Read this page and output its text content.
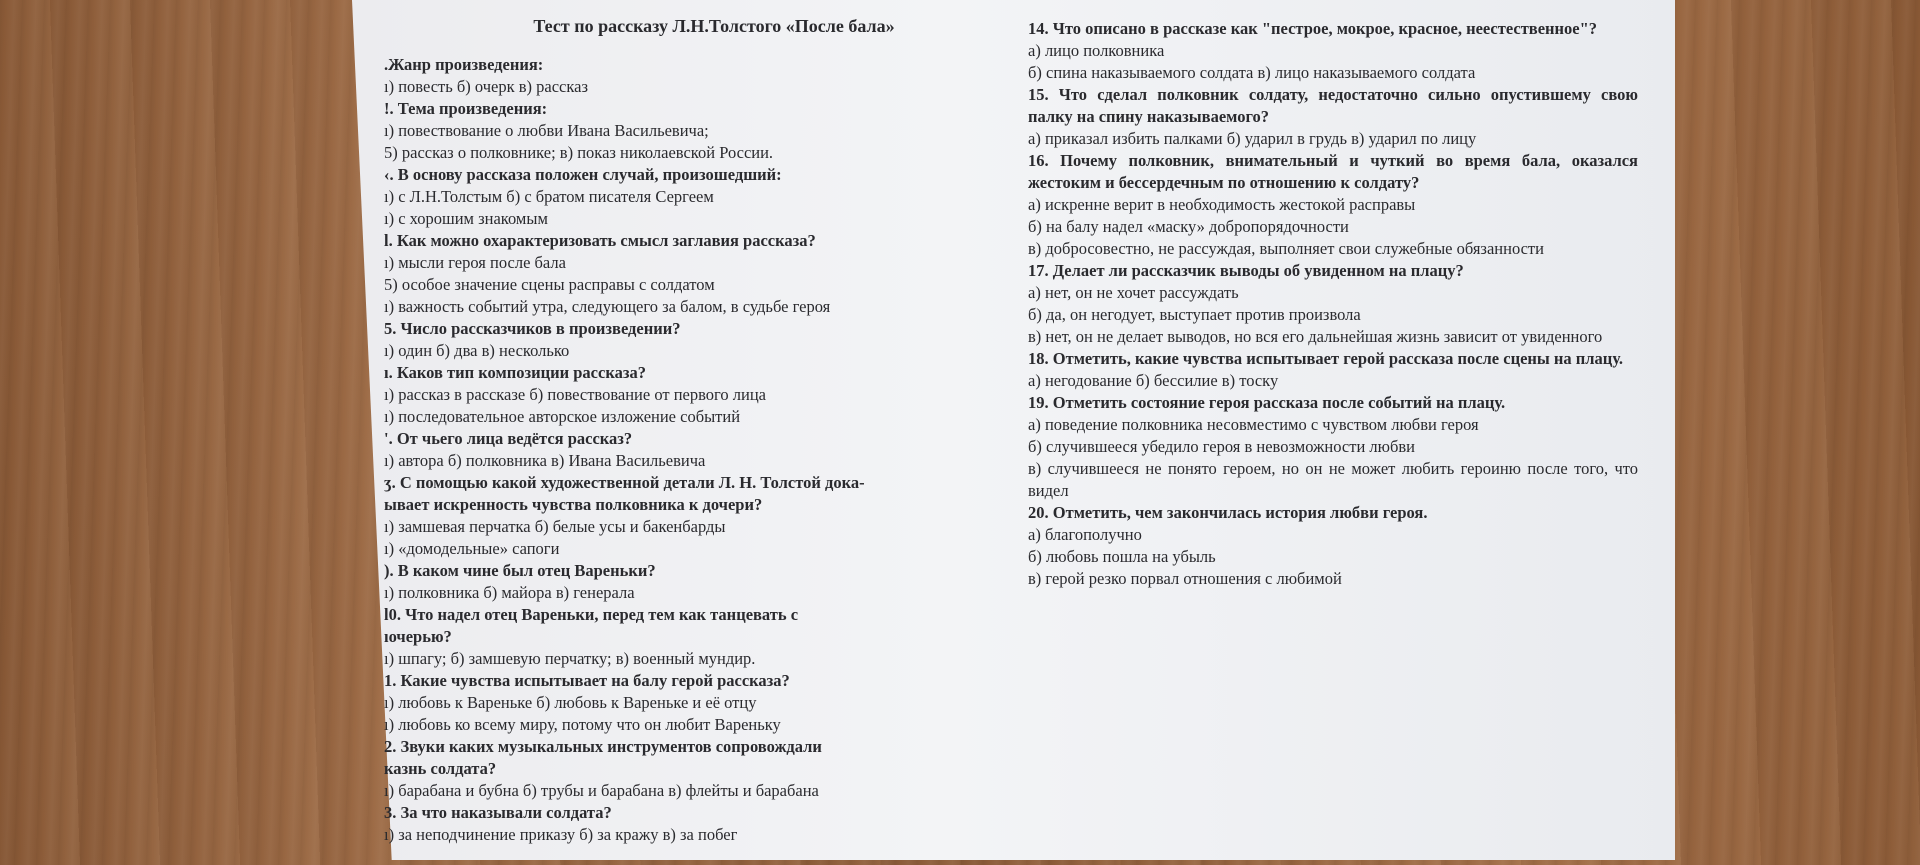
Тест по рассказу Л.Н.Толстого «После бала»
.Жанр произведения:
ı) повесть б) очерк в) рассказ
!. Тема произведения:
ı) повествование о любви Ивана Васильевича;
5) рассказ о полковнике; в) показ николаевской России.
‹. В основу рассказа положен случай, произошедший:
ı) с Л.Н.Толстым б) с братом писателя Сергеем
ı) с хорошим знакомым
l. Как можно охарактеризовать смысл заглавия рассказа?
ı) мысли героя после бала
5) особое значение сцены расправы с солдатом
ı) важность событий утра, следующего за балом, в судьбе героя
5. Число рассказчиков в произведении?
ı) один б) два в) несколько
ı. Каков тип композиции рассказа?
ı) рассказ в рассказе б) повествование от первого лица
ı) последовательное авторское изложение событий
'. От чьего лица ведётся рассказ?
ı) автора б) полковника в) Ивана Васильевича
ʒ. С помощью какой художественной детали Л. Н. Толстой дока-
ывает искренность чувства полковника к дочери?
ı) замшевая перчатка б) белые усы и бакенбарды
ı) «домодельные» сапоги
). В каком чине был отец Вареньки?
ı) полковника б) майора в) генерала
l0. Что надел отец Вареньки, перед тем как танцевать с
ıочерью?
ı) шпагу; б) замшевую перчатку; в) военный мундир.
1. Какие чувства испытывает на балу герой рассказа?
ı) любовь к Вареньке б) любовь к Вареньке и её отцу
ı) любовь ко всему миру, потому что он любит Вареньку
2. Звуки каких музыкальных инструментов сопровождали
казнь солдата?
ı) барабана и бубна б) трубы и барабана в) флейты и барабана
3. За что наказывали солдата?
ı) за неподчинение приказу б) за кражу в) за побег
14. Что описано в рассказе как "пестрое, мокрое, красное, неестественное"?
а) лицо полковника
б) спина наказываемого солдата в) лицо наказываемого солдата
15. Что сделал полковник солдату, недостаточно сильно опустившему свою палку на спину наказываемого?
а) приказал избить палками б) ударил в грудь в) ударил по лицу
16. Почему полковник, внимательный и чуткий во время бала, оказался жестоким и бессердечным по отношению к солдату?
а) искренне верит в необходимость жестокой расправы
б) на балу надел «маску» добропорядочности
в) добросовестно, не рассуждая, выполняет свои служебные обязанности
17. Делает ли рассказчик выводы об увиденном на плацу?
а) нет, он не хочет рассуждать
б) да, он негодует, выступает против произвола
в) нет, он не делает выводов, но вся его дальнейшая жизнь зависит от увиденного
18. Отметить, какие чувства испытывает герой рассказа после сцены на плацу.
а) негодование б) бессилие в) тоску
19. Отметить состояние героя рассказа после событий на плацу.
а) поведение полковника несовместимо с чувством любви героя
б) случившееся убедило героя в невозможности любви
в) случившееся не понято героем, но он не может любить героиню после того, что видел
20. Отметить, чем закончилась история любви героя.
а) благополучно
б) любовь пошла на убыль
в) герой резко порвал отношения с любимой
